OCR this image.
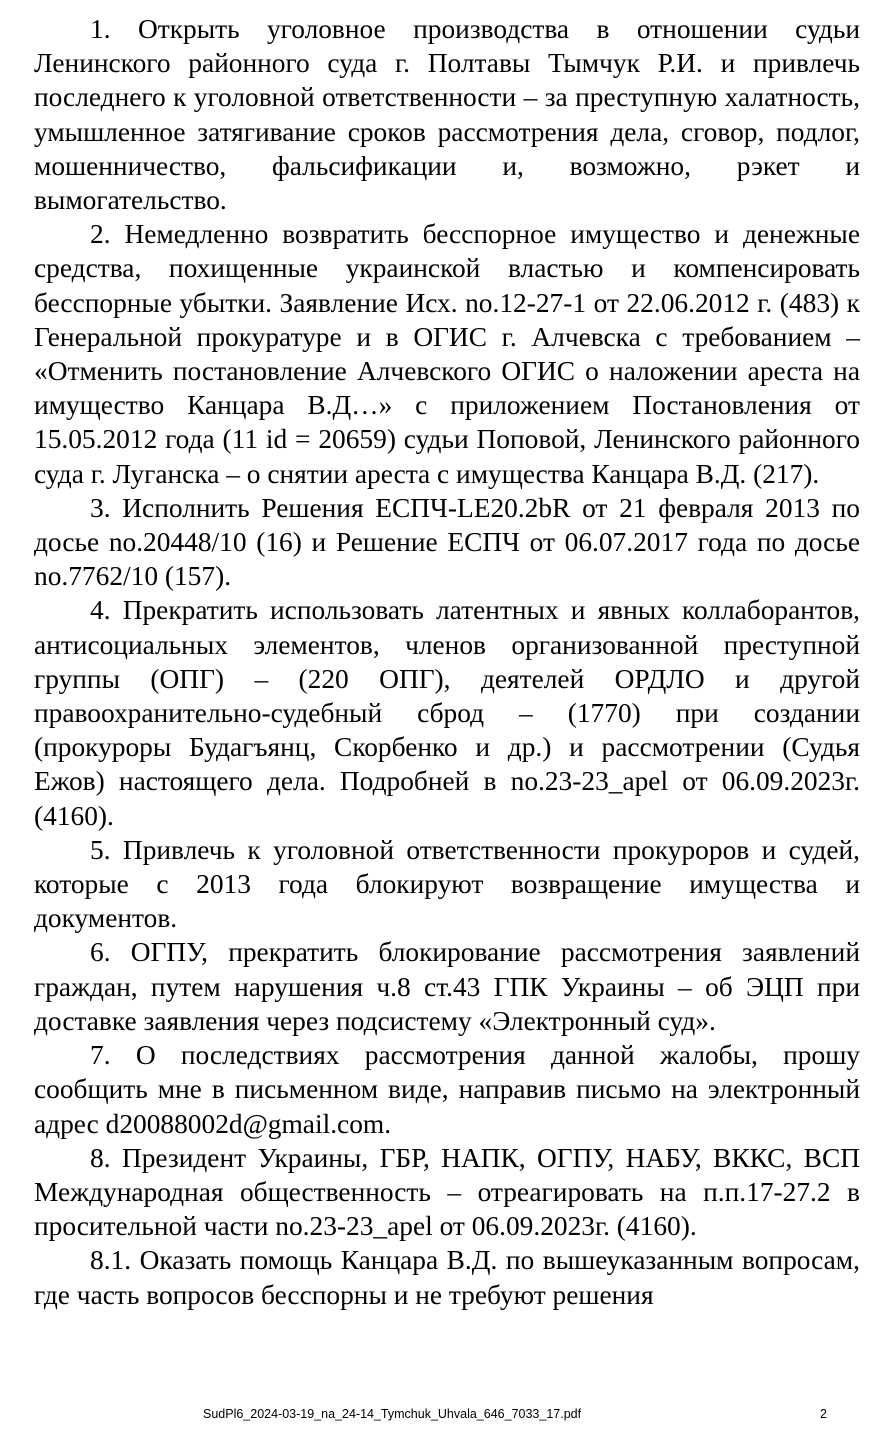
1. Открыть уголовное производства в отношении судьи Ленинского районного суда г. Полтавы Тымчук Р.И. и привлечь последнего к уголовной ответственности – за преступную халатность, умышленное затягивание сроков рассмотрения дела, сговор, подлог, мошенничество, фальсификации и, возможно, рэкет и вымогательство.

2. Немедленно возвратить бесспорное имущество и денежные средства, похищенные украинской властью и компенсировать бесспорные убытки. Заявление Исх. no.12-27-1 от 22.06.2012 г. (483) к Генеральной прокуратуре и в ОГИС г. Алчевска с требованием – «Отменить постановление Алчевского ОГИС о наложении ареста на имущество Канцара В.Д…» с приложением Постановления от 15.05.2012 года (11 id = 20659) судьи Поповой, Ленинского районного суда г. Луганска – о снятии ареста с имущества Канцара В.Д. (217).

3. Исполнить Решения ЕСПЧ-LE20.2bR от 21 февраля 2013 по досье no.20448/10 (16) и Решение ЕСПЧ от 06.07.2017 года по досье no.7762/10 (157).

4. Прекратить использовать латентных и явных коллаборантов, антисоциальных элементов, членов организованной преступной группы (ОПГ) – (220 ОПГ), деятелей ОРДЛО и другой правоохранительно-судебный сброд – (1770) при создании (прокуроры Будагъянц, Скорбенко и др.) и рассмотрении (Судья Ежов) настоящего дела. Подробней в no.23-23_apel от 06.09.2023г. (4160).

5. Привлечь к уголовной ответственности прокуроров и судей, которые с 2013 года блокируют возвращение имущества и документов.

6. ОГПУ, прекратить блокирование рассмотрения заявлений граждан, путем нарушения ч.8 ст.43 ГПК Украины – об ЭЦП при доставке заявления через подсистему «Электронный суд».

7. О последствиях рассмотрения данной жалобы, прошу сообщить мне в письменном виде, направив письмо на электронный адрес d20088002d@gmail.com.

8. Президент Украины, ГБР, НАПК, ОГПУ, НАБУ, ВККС, ВСП Международная общественность – отреагировать на п.п.17-27.2 в просительной части no.23-23_apel от 06.09.2023г. (4160).

8.1. Оказать помощь Канцара В.Д. по вышеуказанным вопросам, где часть вопросов бесспорны и не требуют решения

SudPl6_2024-03-19_na_24-14_Tymchuk_Uhvala_646_7033_17.pdf	2
